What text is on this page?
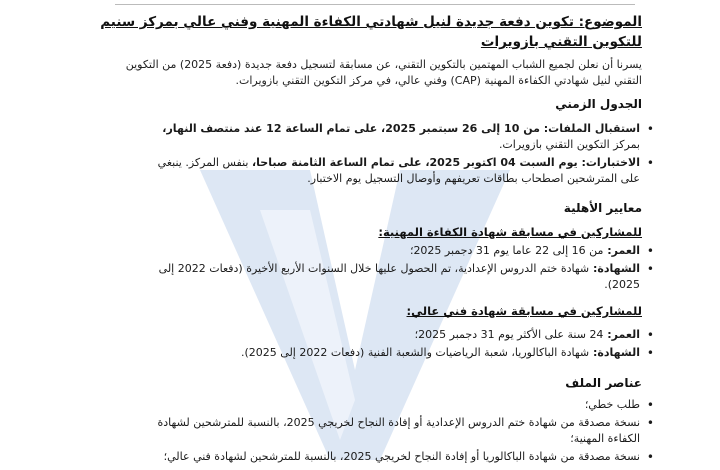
الموضوع: تكوين دفعة جديدة لنيل شهادتي الكفاءة المهنية وفني عالي بمركز سنيم للتكوين التقني بازويرات
يسرنا أن نعلن لجميع الشباب المهتمين بالتكوين التقني، عن مسابقة لتسجيل دفعة جديدة (دفعة 2025) من التكوين التقني لنيل شهادتي الكفاءة المهنية (CAP) وفني عالي، في مركز التكوين التقني بازويرات.
الجدول الزمني
• استقبال الملفات: من 10 إلى 26 سبتمبر 2025، على تمام الساعة 12 عند منتصف النهار، بمركز التكوين التقني بازويرات.
• الاختبارات: يوم السبت 04 اكتوبر 2025، على تمام الساعة الثامنة صباحا، بنفس المركز. ينبغي على المترشحين اصطحاب بطاقات تعريفهم وأوصال التسجيل يوم الاختبار.
معايير الأهلية
للمشاركين في مسابقة شهادة الكفاءة المهنية:
• العمر: من 16 إلى 22 عاما يوم 31 دجمبر 2025؛
• الشهادة: شهادة ختم الدروس الإعدادية، تم الحصول عليها خلال السنوات الأربع الأخيرة (دفعات 2022 إلى 2025).
للمشاركين في مسابقة شهادة فني عالي:
• العمر: 24 سنة على الأكثر يوم 31 دجمبر 2025؛
• الشهادة: شهادة الباكالوريا، شعبة الرياضيات والشعبة الفنية (دفعات 2022 إلى 2025).
عناصر الملف
• طلب خطي؛
• نسخة مصدقة من شهادة ختم الدروس الإعدادية أو إفادة النجاح لخريجي 2025، بالنسبة للمترشحين لشهادة الكفاءة المهنية؛
• نسخة مصدقة من شهادة الباكالوريا أو إفادة النجاح لخريجي 2025، بالنسبة للمترشحين لشهادة فني عالي؛
